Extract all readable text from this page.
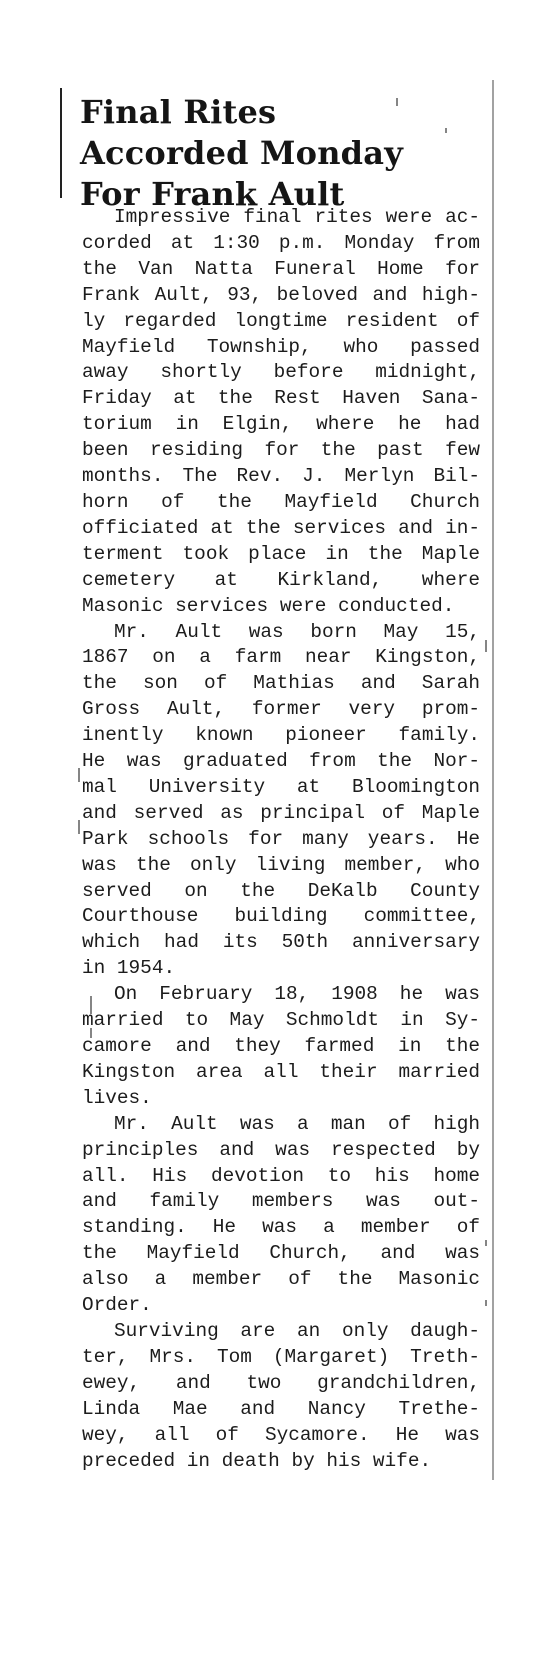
Final Rites
Accorded Monday
For Frank Ault
Impressive final rites were ac-
corded at 1:30 p.m. Monday from
the Van Natta Funeral Home for
Frank Ault, 93, beloved and high-
ly regarded longtime resident of
Mayfield Township, who passed
away shortly before midnight,
Friday at the Rest Haven Sana-
torium in Elgin, where he had
been residing for the past few
months. The Rev. J. Merlyn Bil-
horn of the Mayfield Church
officiated at the services and in-
terment took place in the Maple
cemetery at Kirkland, where
Masonic services were conducted.
Mr. Ault was born May 15,
1867 on a farm near Kingston,
the son of Mathias and Sarah
Gross Ault, former very prom-
inently known pioneer family.
He was graduated from the Nor-
mal University at Bloomington
and served as principal of Maple
Park schools for many years. He
was the only living member, who
served on the DeKalb County
Courthouse building committee,
which had its 50th anniversary
in 1954.
On February 18, 1908 he was
married to May Schmoldt in Sy-
camore and they farmed in the
Kingston area all their married
lives.
Mr. Ault was a man of high
principles and was respected by
all. His devotion to his home
and family members was out-
standing. He was a member of
the Mayfield Church, and was
also a member of the Masonic
Order.
Surviving are an only daugh-
ter, Mrs. Tom (Margaret) Treth-
ewey, and two grandchildren,
Linda Mae and Nancy Trethe-
wey, all of Sycamore. He was
preceded in death by his wife.
